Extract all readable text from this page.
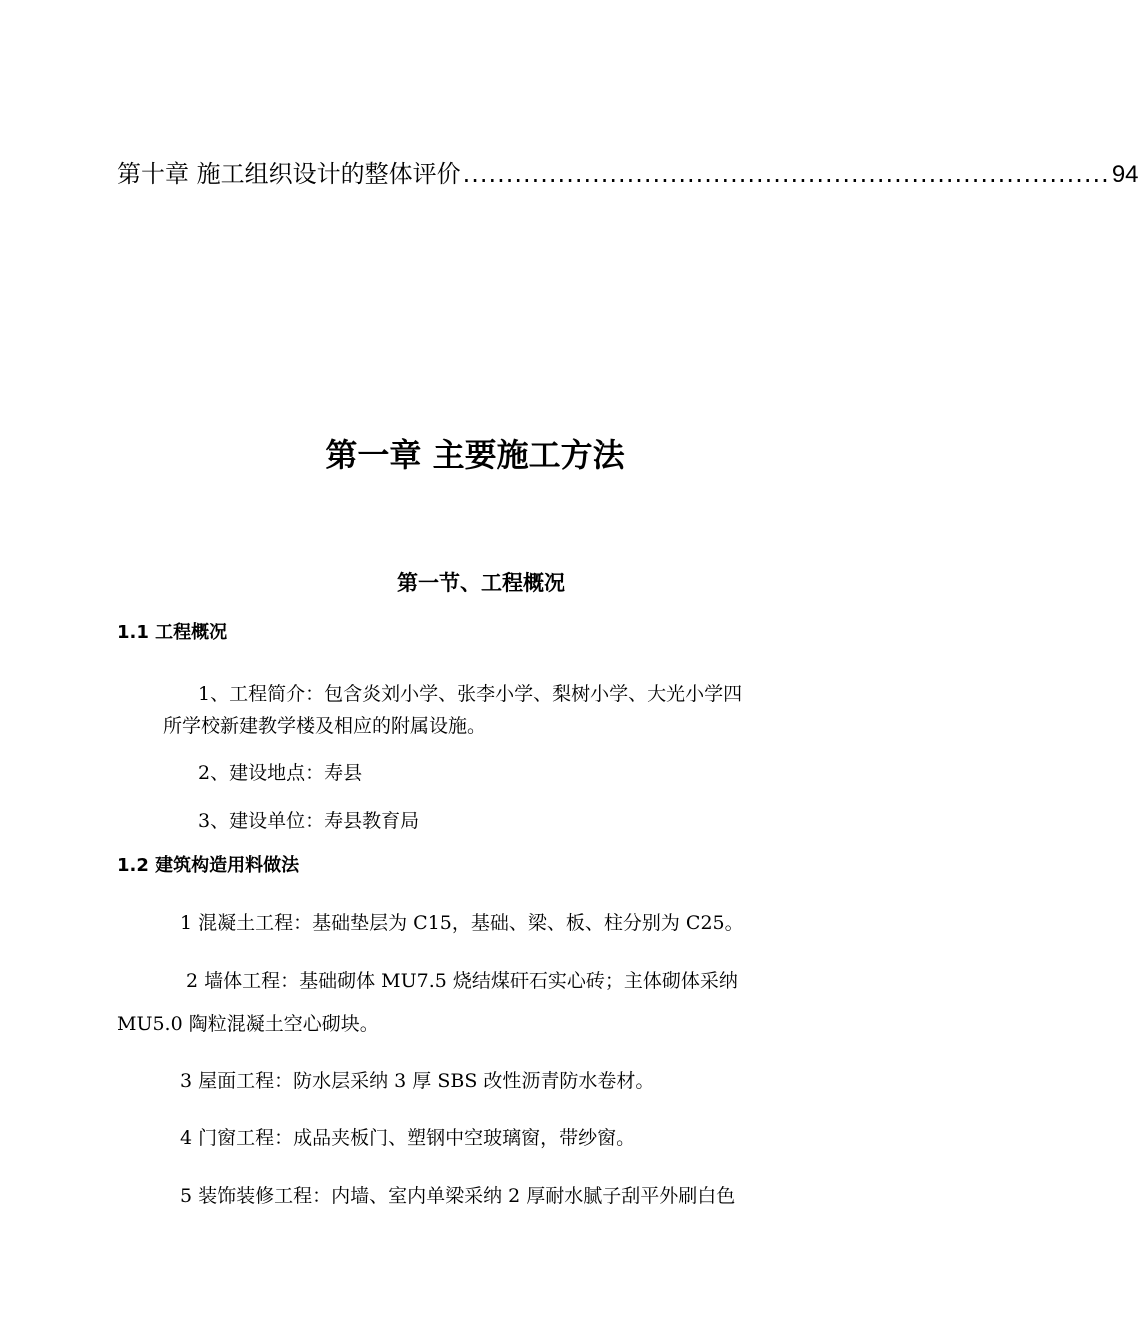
第十章 施工组织设计的整体评价 ........................................................................... 94
第一章 主要施工方法
第一节、工程概况
1.1 工程概况
1、工程简介：包含炎刘小学、张李小学、梨树小学、大光小学四
所学校新建教学楼及相应的附属设施。
2、建设地点：寿县
3、建设单位：寿县教育局
1.2 建筑构造用料做法
1 混凝土工程：基础垫层为 C15，基础、梁、板、柱分别为 C25。
2 墙体工程：基础砌体 MU7.5 烧结煤矸石实心砖；主体砌体采纳
MU5.0 陶粒混凝土空心砌块。
3 屋面工程：防水层采纳 3 厚 SBS 改性沥青防水卷材。
4 门窗工程：成品夹板门、塑钢中空玻璃窗，带纱窗。
5 装饰装修工程：内墙、室内单梁采纳 2 厚耐水腻子刮平外刷白色
